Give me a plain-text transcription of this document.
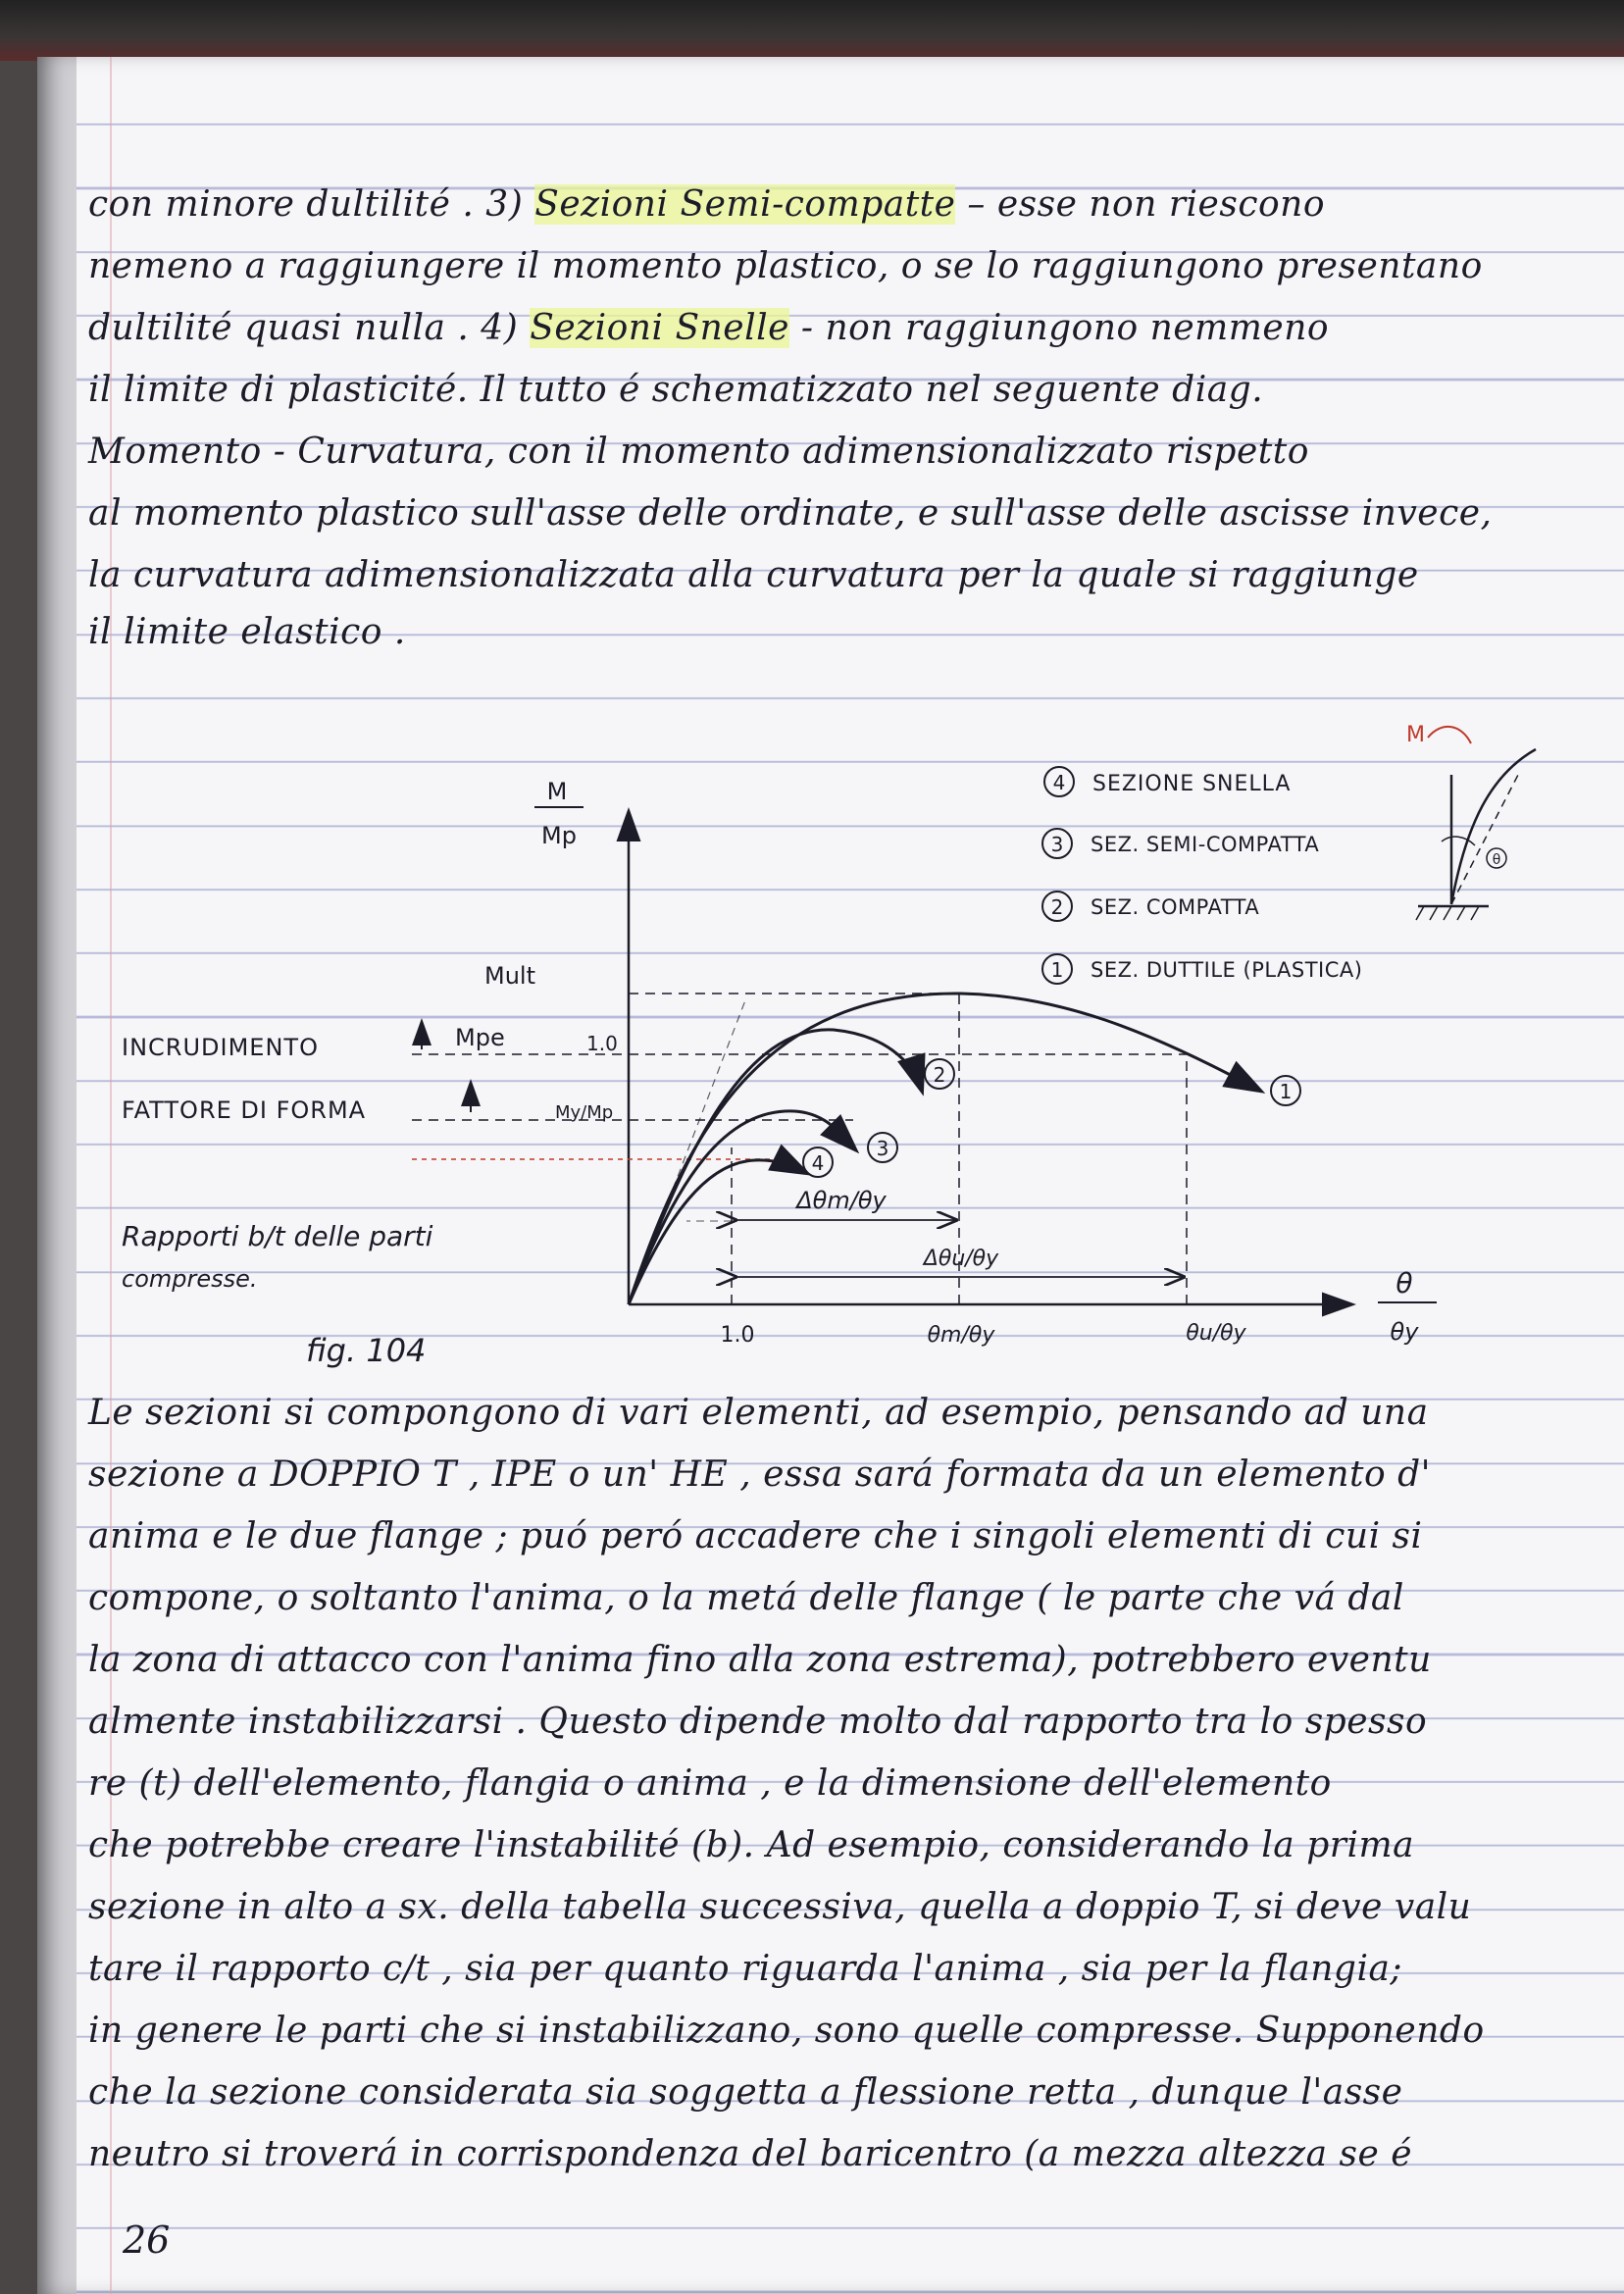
con minore dultilité . 3) Sezioni Semi-compatte – esse non riescono
nemeno a raggiungere il momento plastico, o se lo raggiungono presentano
dultilité quasi nulla . 4) Sezioni Snelle - non raggiungono nemmeno
il limite di plasticité. Il tutto é schematizzato nel seguente diag.
Momento - Curvatura, con il momento adimensionalizzato rispetto
al momento plastico sull'asse delle ordinate, e sull'asse delle ascisse invece,
la curvatura adimensionalizzata alla curvatura per la quale si raggiunge
il limite elastico .
M
Mp
θ
θy
1
2
3
4
Δθm/θy
Δθu/θy
1.0	θm/θy	θu/θy
Mult
Mpe	1.0
My/Mp
INCRUDIMENTO
FATTORE DI FORMA
Rapporti b/t delle parti
compresse.
fig. 104
4 SEZIONE SNELLA
3 SEZ. SEMI-COMPATTA
2 SEZ. COMPATTA
1 SEZ. DUTTILE (PLASTICA)
M
θ
Le sezioni si compongono di vari elementi, ad esempio, pensando ad una
sezione a DOPPIO T , IPE o un' HE , essa sará formata da un elemento d'
anima e le due flange ; puó peró accadere che i singoli elementi di cui si
compone, o soltanto l'anima, o la metá delle flange ( le parte che vá dal
la zona di attacco con l'anima fino alla zona estrema), potrebbero eventu
almente instabilizzarsi . Questo dipende molto dal rapporto tra lo spesso
re (t) dell'elemento, flangia o anima , e la dimensione dell'elemento
che potrebbe creare l'instabilité (b). Ad esempio, considerando la prima
sezione in alto a sx. della tabella successiva, quella a doppio T, si deve valu
tare il rapporto c/t , sia per quanto riguarda l'anima , sia per la flangia;
in genere le parti che si instabilizzano, sono quelle compresse. Supponendo
che la sezione considerata sia soggetta a flessione retta , dunque l'asse
neutro si troverá in corrispondenza del baricentro (a mezza altezza se é
26
